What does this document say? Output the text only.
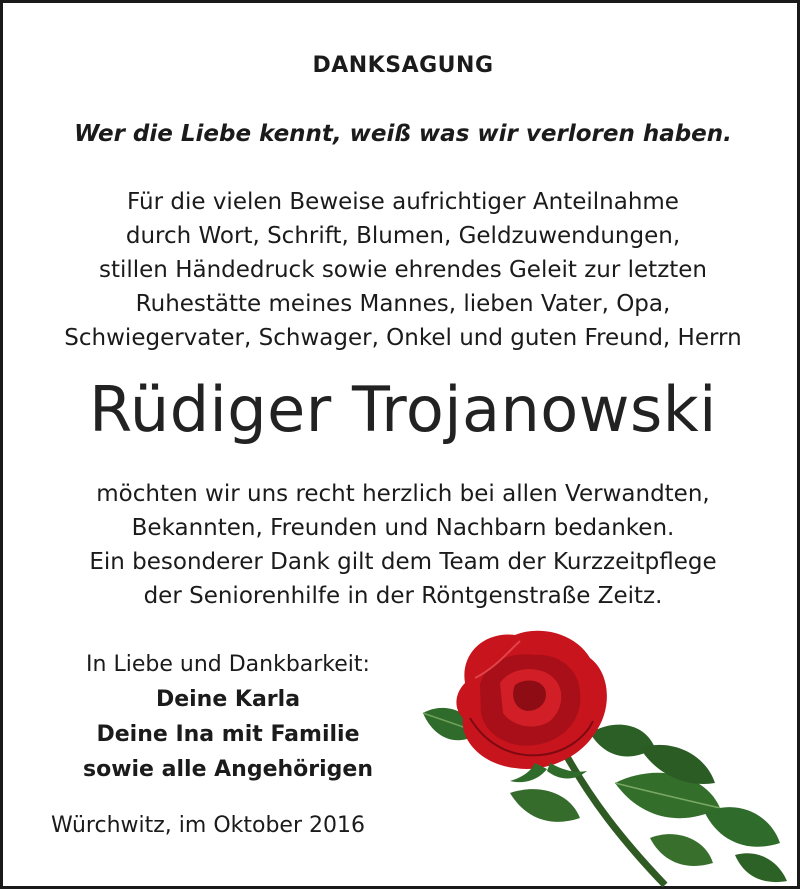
DANKSAGUNG
Wer die Liebe kennt, weiß was wir verloren haben.
Für die vielen Beweise aufrichtiger Anteilnahme
durch Wort, Schrift, Blumen, Geldzuwendungen,
stillen Händedruck sowie ehrendes Geleit zur letzten
Ruhestätte meines Mannes, lieben Vater, Opa,
Schwiegervater, Schwager, Onkel und guten Freund, Herrn
Rüdiger Trojanowski
möchten wir uns recht herzlich bei allen Verwandten,
Bekannten, Freunden und Nachbarn bedanken.
Ein besonderer Dank gilt dem Team der Kurzzeitpflege
der Seniorenhilfe in der Röntgenstraße Zeitz.
In Liebe und Dankbarkeit:
Deine Karla
Deine Ina mit Familie
sowie alle Angehörigen
Würchwitz, im Oktober 2016
